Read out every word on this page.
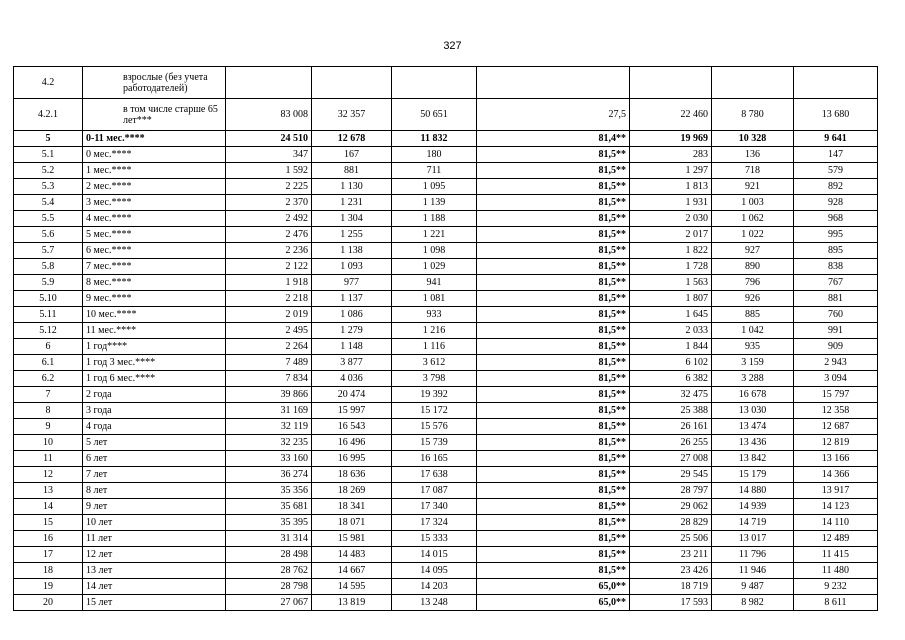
327
4.2	взрослые (без учета работодателей)							
4.2.1	в том числе старше 65 лет***	83 008	32 357	50 651	27,5	22 460	8 780	13 680
5	0-11 мес.****	24 510	12 678	11 832	81,4**	19 969	10 328	9 641
5.1	0 мес.****	347	167	180	81,5**	283	136	147
5.2	1 мес.****	1 592	881	711	81,5**	1 297	718	579
5.3	2 мес.****	2 225	1 130	1 095	81,5**	1 813	921	892
5.4	3 мес.****	2 370	1 231	1 139	81,5**	1 931	1 003	928
5.5	4 мес.****	2 492	1 304	1 188	81,5**	2 030	1 062	968
5.6	5 мес.****	2 476	1 255	1 221	81,5**	2 017	1 022	995
5.7	6 мес.****	2 236	1 138	1 098	81,5**	1 822	927	895
5.8	7 мес.****	2 122	1 093	1 029	81,5**	1 728	890	838
5.9	8 мес.****	1 918	977	941	81,5**	1 563	796	767
5.10	9 мес.****	2 218	1 137	1 081	81,5**	1 807	926	881
5.11	10 мес.****	2 019	1 086	933	81,5**	1 645	885	760
5.12	11 мес.****	2 495	1 279	1 216	81,5**	2 033	1 042	991
6	1 год****	2 264	1 148	1 116	81,5**	1 844	935	909
6.1	1 год 3 мес.****	7 489	3 877	3 612	81,5**	6 102	3 159	2 943
6.2	1 год 6 мес.****	7 834	4 036	3 798	81,5**	6 382	3 288	3 094
7	2 года	39 866	20 474	19 392	81,5**	32 475	16 678	15 797
8	3 года	31 169	15 997	15 172	81,5**	25 388	13 030	12 358
9	4 года	32 119	16 543	15 576	81,5**	26 161	13 474	12 687
10	5 лет	32 235	16 496	15 739	81,5**	26 255	13 436	12 819
11	6 лет	33 160	16 995	16 165	81,5**	27 008	13 842	13 166
12	7 лет	36 274	18 636	17 638	81,5**	29 545	15 179	14 366
13	8 лет	35 356	18 269	17 087	81,5**	28 797	14 880	13 917
14	9 лет	35 681	18 341	17 340	81,5**	29 062	14 939	14 123
15	10 лет	35 395	18 071	17 324	81,5**	28 829	14 719	14 110
16	11 лет	31 314	15 981	15 333	81,5**	25 506	13 017	12 489
17	12 лет	28 498	14 483	14 015	81,5**	23 211	11 796	11 415
18	13 лет	28 762	14 667	14 095	81,5**	23 426	11 946	11 480
19	14 лет	28 798	14 595	14 203	65,0**	18 719	9 487	9 232
20	15 лет	27 067	13 819	13 248	65,0**	17 593	8 982	8 611
